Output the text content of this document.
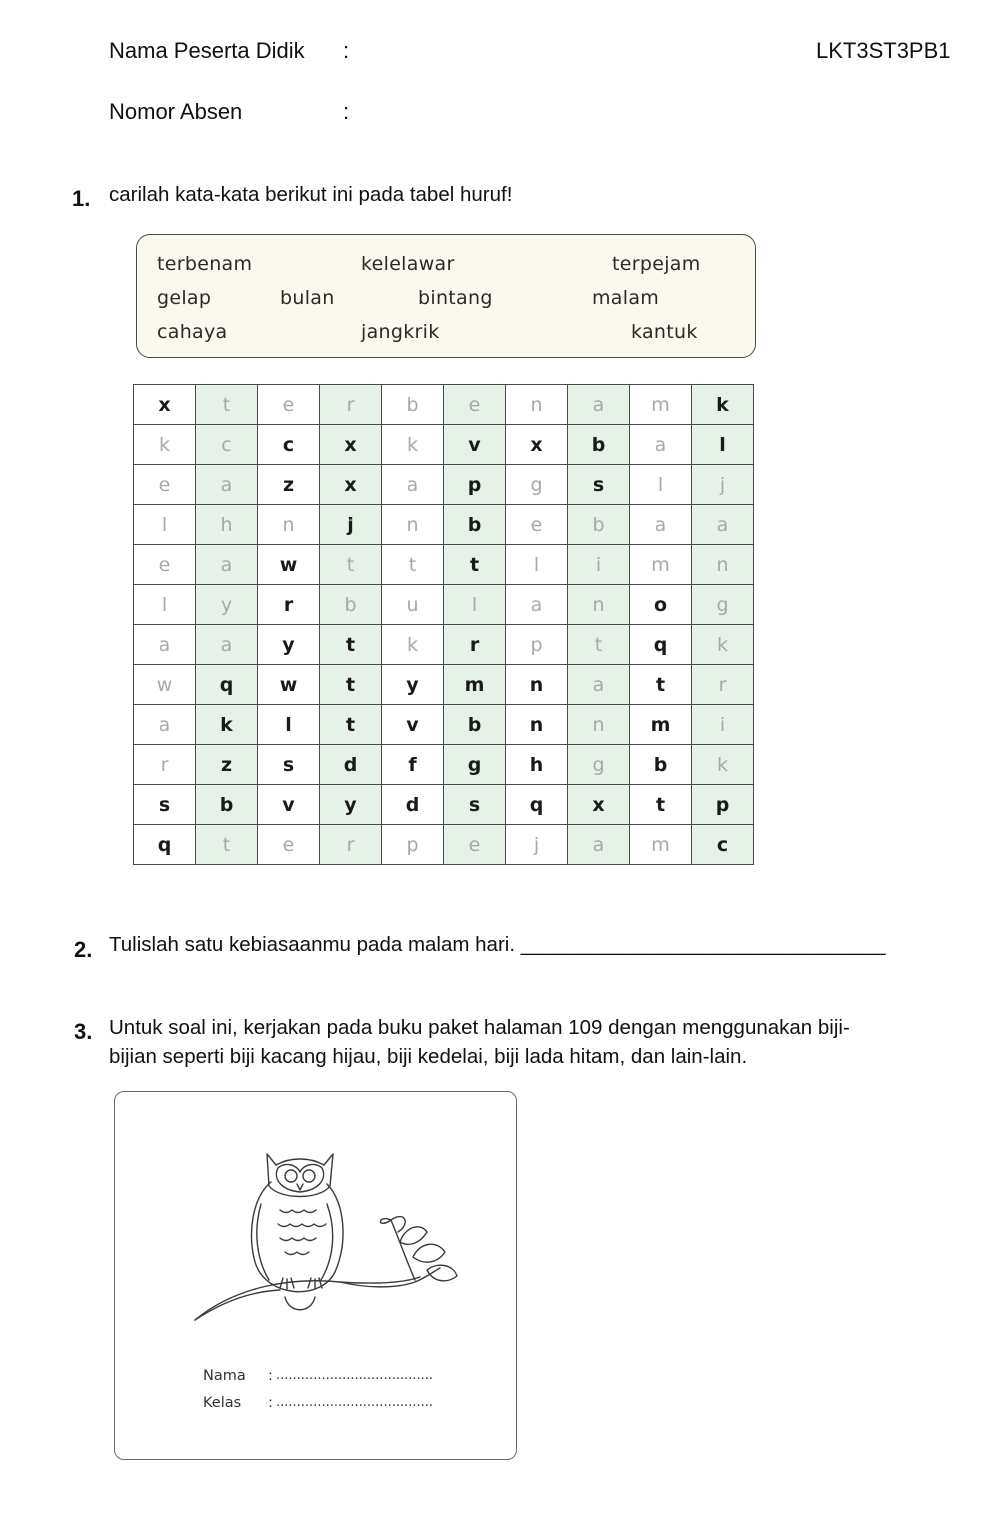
Nama Peserta Didik :	LKT3ST3PB1
Nomor Absen	:
1. carilah kata-kata berikut ini pada tabel huruf!
terbenam	kelelawar	terpejam
gelap	bulan	bintang	malam
cahaya	jangkrik	kantuk
x	t	e	r	b	e	n	a	m	k
k	c	c	x	k	v	x	b	a	l
e	a	z	x	a	p	g	s	l	j
l	h	n	j	n	b	e	b	a	a
e	a	w	t	t	t	l	i	m	n
l	y	r	b	u	l	a	n	o	g
a	a	y	t	k	r	p	t	q	k
w	q	w	t	y	m	n	a	t	r
a	k	l	t	v	b	n	n	m	i
r	z	s	d	f	g	h	g	b	k
s	b	v	y	d	s	q	x	t	p
q	t	e	r	p	e	j	a	m	c
2. Tulislah satu kebiasaanmu pada malam hari. ________________________________
3. Untuk soal ini, kerjakan pada buku paket halaman 109 dengan menggunakan biji-
bijian seperti biji kacang hijau, biji kedelai, biji lada hitam, dan lain-lain.
Nama : ......................................
Kelas : ......................................
